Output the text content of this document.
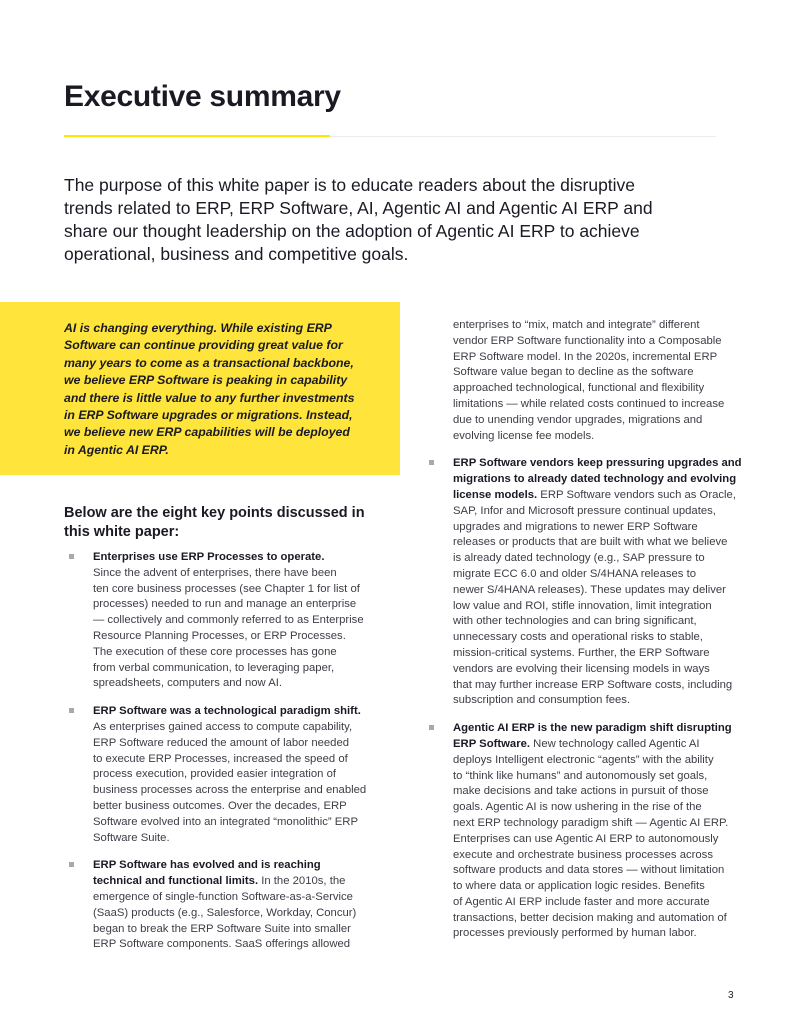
Executive summary

The purpose of this white paper is to educate readers about the disruptive
trends related to ERP, ERP Software, AI, Agentic AI and Agentic AI ERP and
share our thought leadership on the adoption of Agentic AI ERP to achieve
operational, business and competitive goals.

AI is changing everything. While existing ERP
Software can continue providing great value for
many years to come as a transactional backbone,
we believe ERP Software is peaking in capability
and there is little value to any further investments
in ERP Software upgrades or migrations. Instead,
we believe new ERP capabilities will be deployed
in Agentic AI ERP.

Below are the eight key points discussed in
this white paper:
Enterprises use ERP Processes to operate.
Since the advent of enterprises, there have been
ten core business processes (see Chapter 1 for list of
processes) needed to run and manage an enterprise
— collectively and commonly referred to as Enterprise
Resource Planning Processes, or ERP Processes.
The execution of these core processes has gone
from verbal communication, to leveraging paper,
spreadsheets, computers and now AI.
ERP Software was a technological paradigm shift.
As enterprises gained access to compute capability,
ERP Software reduced the amount of labor needed
to execute ERP Processes, increased the speed of
process execution, provided easier integration of
business processes across the enterprise and enabled
better business outcomes. Over the decades, ERP
Software evolved into an integrated “monolithic” ERP
Software Suite.
ERP Software has evolved and is reaching
technical and functional limits. In the 2010s, the
emergence of single-function Software-as-a-Service
(SaaS) products (e.g., Salesforce, Workday, Concur)
began to break the ERP Software Suite into smaller
ERP Software components. SaaS offerings allowed
enterprises to “mix, match and integrate” different
vendor ERP Software functionality into a Composable
ERP Software model. In the 2020s, incremental ERP
Software value began to decline as the software
approached technological, functional and flexibility
limitations — while related costs continued to increase
due to unending vendor upgrades, migrations and
evolving license fee models.
ERP Software vendors keep pressuring upgrades and
migrations to already dated technology and evolving
license models. ERP Software vendors such as Oracle,
SAP, Infor and Microsoft pressure continual updates,
upgrades and migrations to newer ERP Software
releases or products that are built with what we believe
is already dated technology (e.g., SAP pressure to
migrate ECC 6.0 and older S/4HANA releases to
newer S/4HANA releases). These updates may deliver
low value and ROI, stifle innovation, limit integration
with other technologies and can bring significant,
unnecessary costs and operational risks to stable,
mission-critical systems. Further, the ERP Software
vendors are evolving their licensing models in ways
that may further increase ERP Software costs, including
subscription and consumption fees.
Agentic AI ERP is the new paradigm shift disrupting
ERP Software. New technology called Agentic AI
deploys Intelligent electronic “agents” with the ability
to “think like humans” and autonomously set goals,
make decisions and take actions in pursuit of those
goals. Agentic AI is now ushering in the rise of the
next ERP technology paradigm shift — Agentic AI ERP.
Enterprises can use Agentic AI ERP to autonomously
execute and orchestrate business processes across
software products and data stores — without limitation
to where data or application logic resides. Benefits
of Agentic AI ERP include faster and more accurate
transactions, better decision making and automation of
processes previously performed by human labor.
3
